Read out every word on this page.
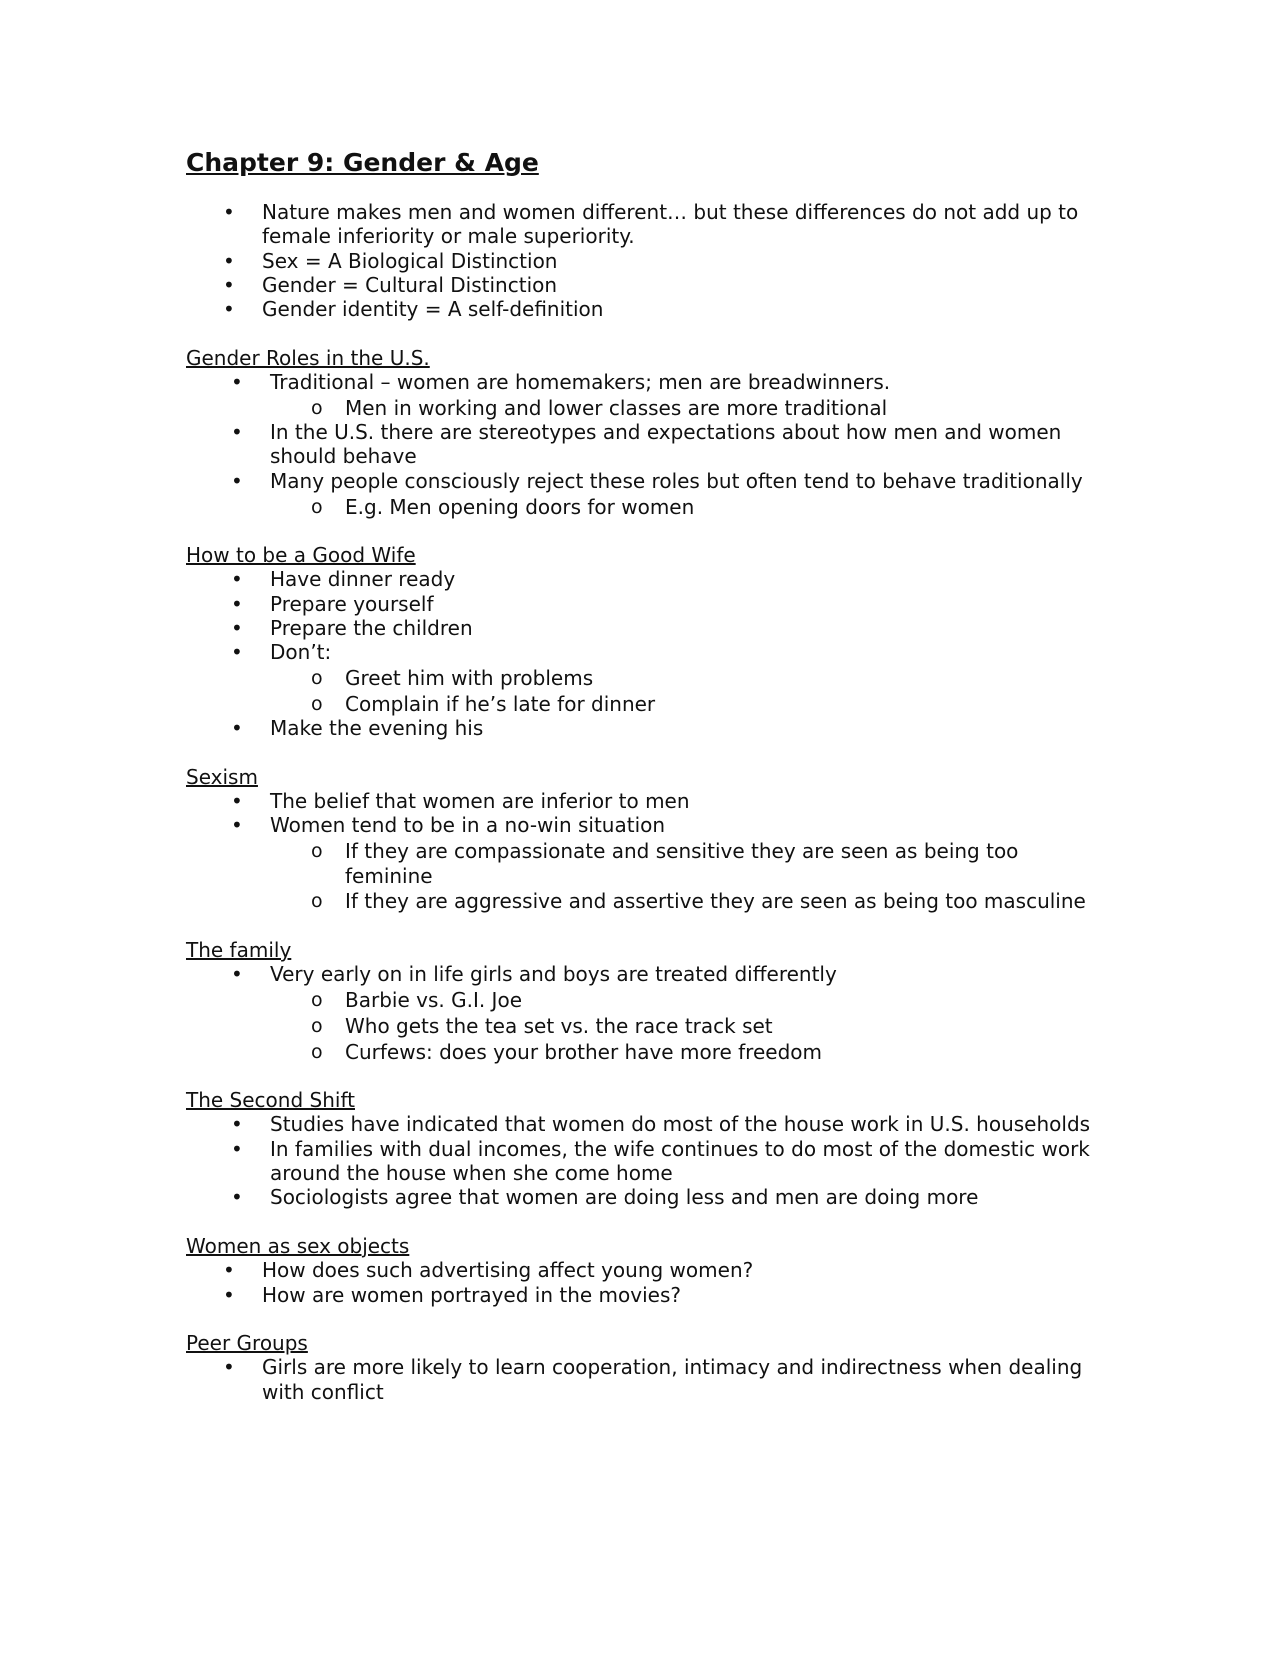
Chapter 9: Gender & Age
• Nature makes men and women different… but these differences do not add up to female inferiority or male superiority.
• Sex = A Biological Distinction
• Gender = Cultural Distinction
• Gender identity = A self-definition
Gender Roles in the U.S.
• Traditional – women are homemakers; men are breadwinners.
o Men in working and lower classes are more traditional
• In the U.S. there are stereotypes and expectations about how men and women should behave
• Many people consciously reject these roles but often tend to behave traditionally
o E.g. Men opening doors for women
How to be a Good Wife
• Have dinner ready
• Prepare yourself
• Prepare the children
• Don’t:
o Greet him with problems
o Complain if he’s late for dinner
• Make the evening his
Sexism
• The belief that women are inferior to men
• Women tend to be in a no-win situation
o If they are compassionate and sensitive they are seen as being too feminine
o If they are aggressive and assertive they are seen as being too masculine
The family
• Very early on in life girls and boys are treated differently
o Barbie vs. G.I. Joe
o Who gets the tea set vs. the race track set
o Curfews: does your brother have more freedom
The Second Shift
• Studies have indicated that women do most of the house work in U.S. households
• In families with dual incomes, the wife continues to do most of the domestic work around the house when she come home
• Sociologists agree that women are doing less and men are doing more
Women as sex objects
• How does such advertising affect young women?
• How are women portrayed in the movies?
Peer Groups
• Girls are more likely to learn cooperation, intimacy and indirectness when dealing with conflict
